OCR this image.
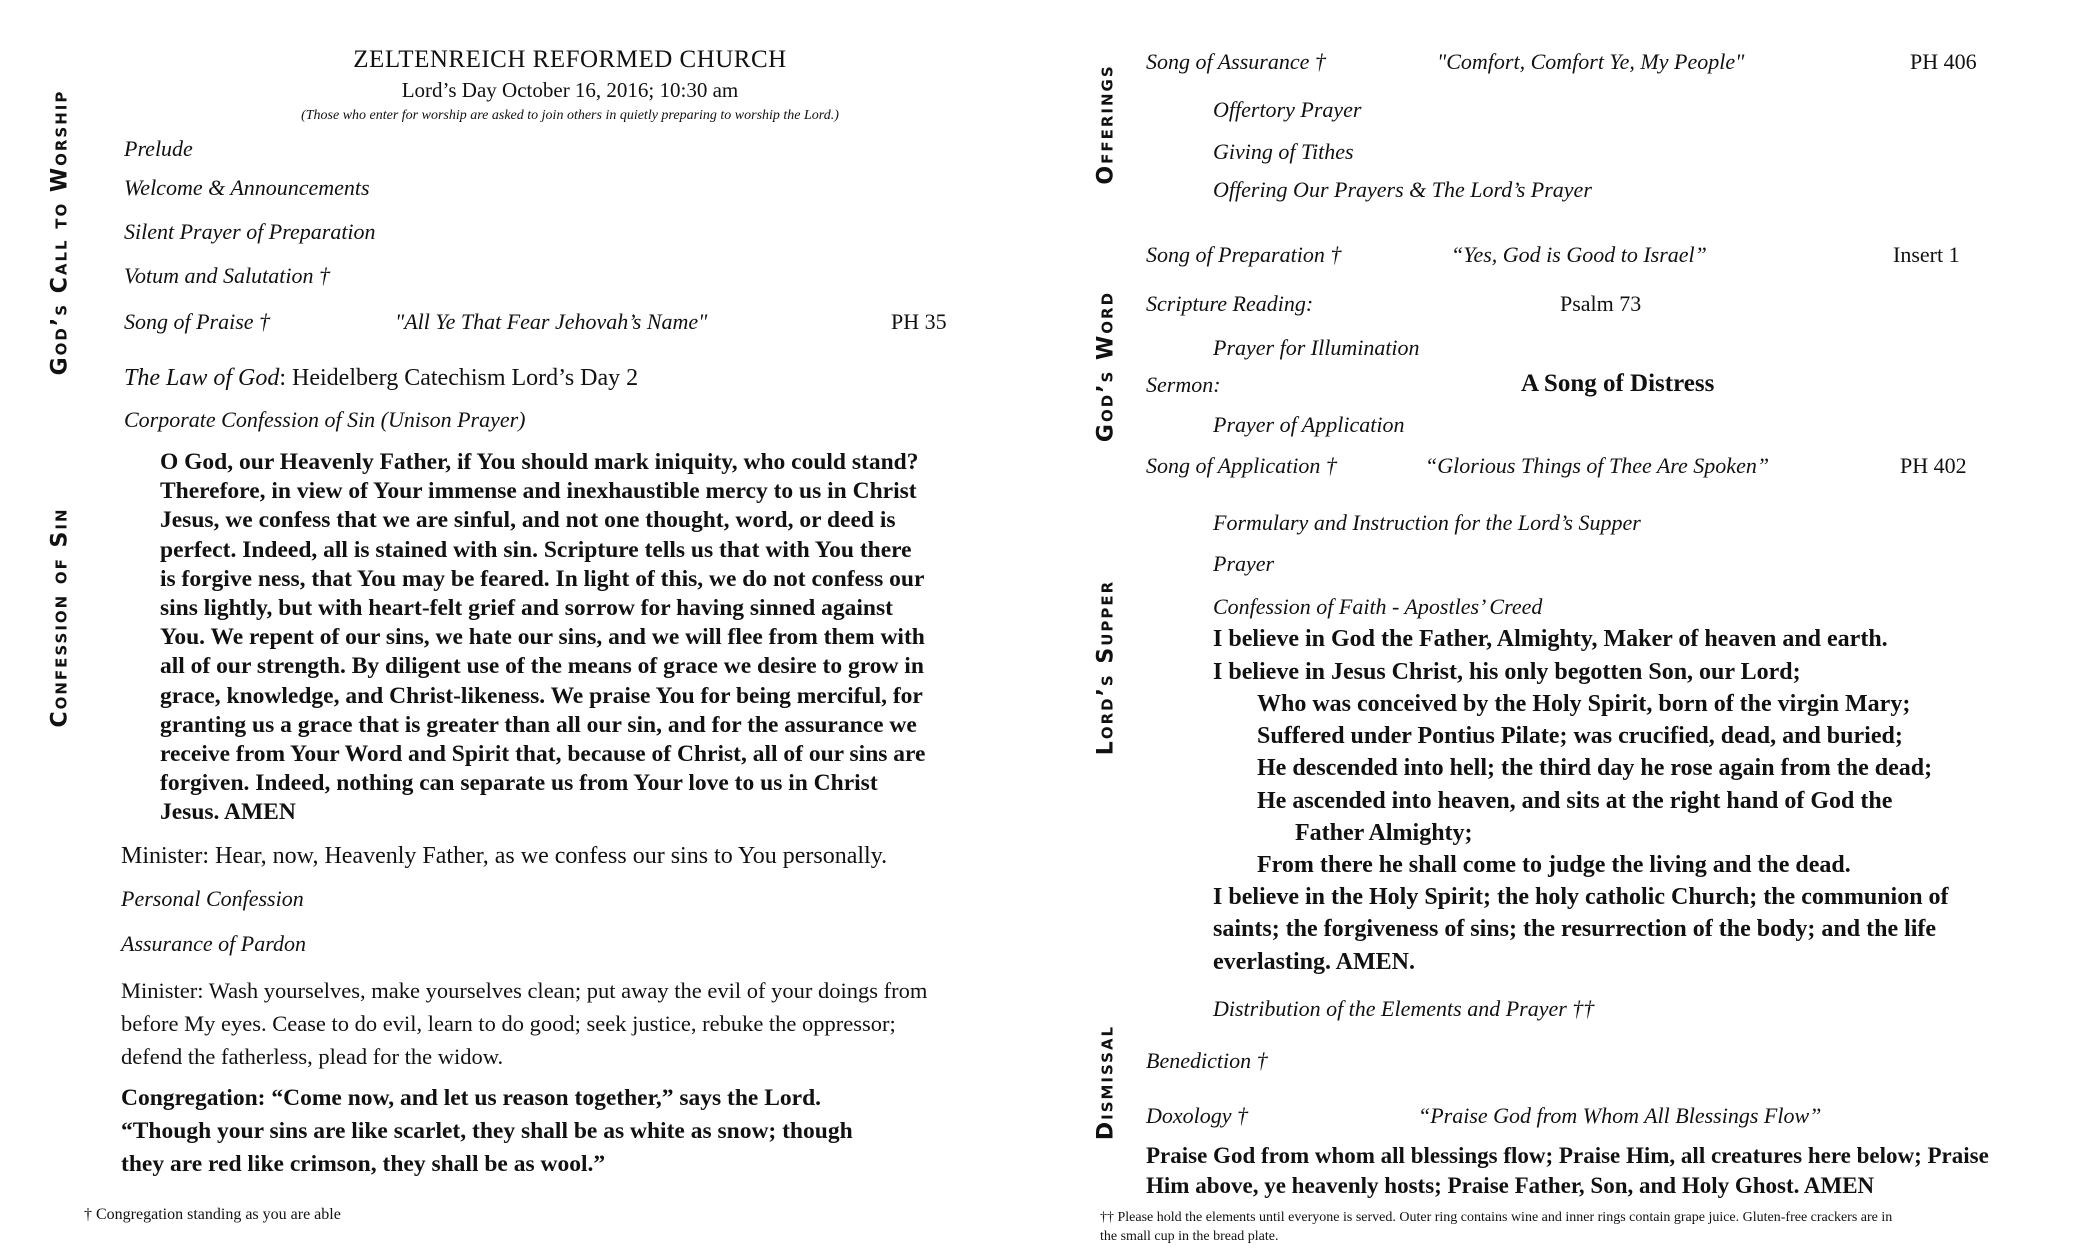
God’s Call to Worship
Confession of Sin
ZELTENREICH REFORMED CHURCH
Lord’s Day October 16, 2016; 10:30 am
(Those who enter for worship are asked to join others in quietly preparing to worship the Lord.)
Prelude
Welcome & Announcements
Silent Prayer of Preparation
Votum and Salutation †
Song of Praise †	"All Ye That Fear Jehovah’s Name"	PH 35
The Law of God: Heidelberg Catechism Lord’s Day 2
Corporate Confession of Sin (Unison Prayer)
O God, our Heavenly Father, if You should mark iniquity, who could stand?
Therefore, in view of Your immense and inexhaustible mercy to us in Christ
Jesus, we confess that we are sinful, and not one thought, word, or deed is
perfect. Indeed, all is stained with sin. Scripture tells us that with You there
is forgive ness, that You may be feared. In light of this, we do not confess our
sins lightly, but with heart-felt grief and sorrow for having sinned against
You. We repent of our sins, we hate our sins, and we will flee from them with
all of our strength. By diligent use of the means of grace we desire to grow in
grace, knowledge, and Christ-likeness. We praise You for being merciful, for
granting us a grace that is greater than all our sin, and for the assurance we
receive from Your Word and Spirit that, because of Christ, all of our sins are
forgiven. Indeed, nothing can separate us from Your love to us in Christ
Jesus. AMEN
Minister: Hear, now, Heavenly Father, as we confess our sins to You personally.
Personal Confession
Assurance of Pardon
Minister: Wash yourselves, make yourselves clean; put away the evil of your doings from
before My eyes. Cease to do evil, learn to do good; seek justice, rebuke the oppressor;
defend the fatherless, plead for the widow.
Congregation: “Come now, and let us reason together,” says the Lord.
“Though your sins are like scarlet, they shall be as white as snow; though
they are red like crimson, they shall be as wool.”
† Congregation standing as you are able
Offerings
God’s Word
Lord’s Supper
Dismissal
Song of Assurance †	"Comfort, Comfort Ye, My People"	PH 406
Offertory Prayer
Giving of Tithes
Offering Our Prayers & The Lord’s Prayer
Song of Preparation †	“Yes, God is Good to Israel”	Insert 1
Scripture Reading:	Psalm 73
Prayer for Illumination
Sermon:	A Song of Distress
Prayer of Application
Song of Application †	“Glorious Things of Thee Are Spoken”	PH 402
Formulary and Instruction for the Lord’s Supper
Prayer
Confession of Faith - Apostles’ Creed
I believe in God the Father, Almighty, Maker of heaven and earth.
I believe in Jesus Christ, his only begotten Son, our Lord;
Who was conceived by the Holy Spirit, born of the virgin Mary;
Suffered under Pontius Pilate; was crucified, dead, and buried;
He descended into hell; the third day he rose again from the dead;
He ascended into heaven, and sits at the right hand of God the
Father Almighty;
From there he shall come to judge the living and the dead.
I believe in the Holy Spirit; the holy catholic Church; the communion of
saints; the forgiveness of sins; the resurrection of the body; and the life
everlasting. AMEN.
Distribution of the Elements and Prayer ††
Benediction †
Doxology †	“Praise God from Whom All Blessings Flow”
Praise God from whom all blessings flow; Praise Him, all creatures here below; Praise
Him above, ye heavenly hosts; Praise Father, Son, and Holy Ghost. AMEN
†† Please hold the elements until everyone is served. Outer ring contains wine and inner rings contain grape juice. Gluten-free crackers are in
the small cup in the bread plate.
